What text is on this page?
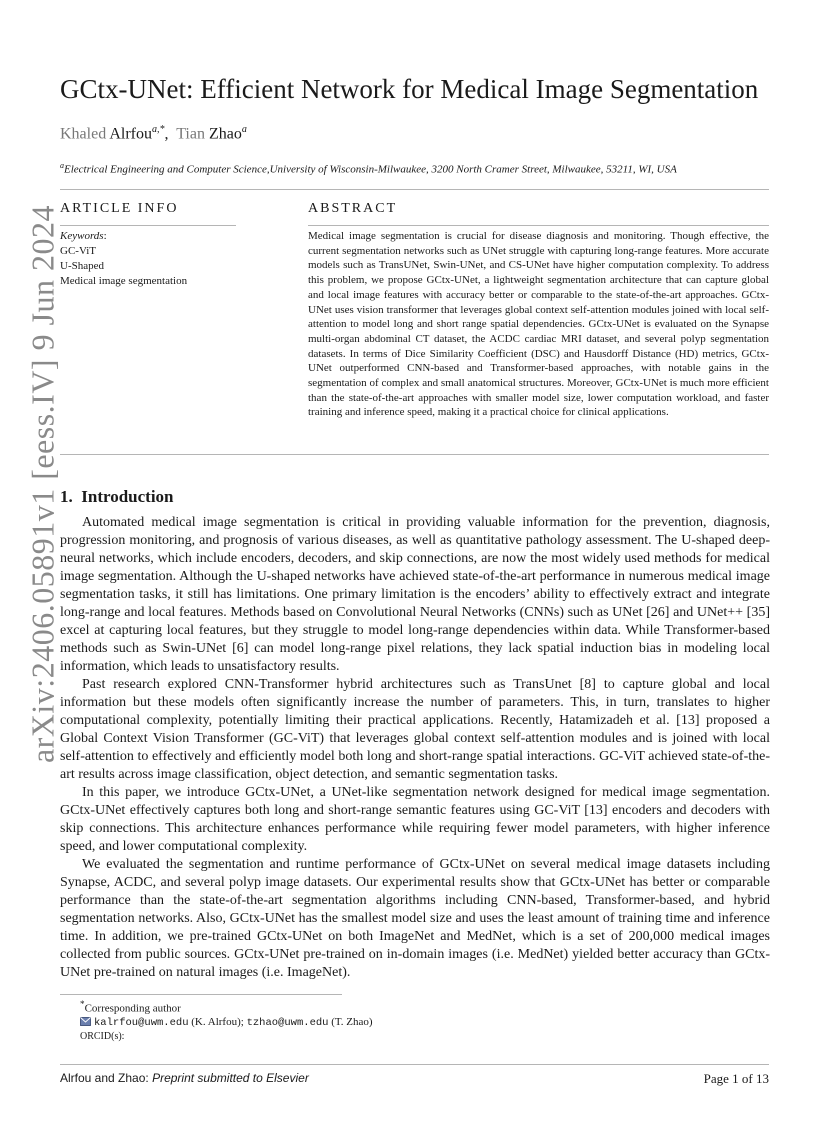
arXiv:2406.05891v1 [eess.IV] 9 Jun 2024
GCtx-UNet: Efficient Network for Medical Image Segmentation
Khaled Alrfou$^{a,*}$,  Tian Zhao$^a$
$^a$Electrical Engineering and Computer Science,University of Wisconsin-Milwaukee, 3200 North Cramer Street, Milwaukee, 53211, WI, USA
ARTICLE INFO
Keywords:
GC-ViT
U-Shaped
Medical image segmentation
ABSTRACT
Medical image segmentation is crucial for disease diagnosis and monitoring. Though effective, the current segmentation networks such as UNet struggle with capturing long-range features. More accurate models such as TransUNet, Swin-UNet, and CS-UNet have higher computation complexity. To address this problem, we propose GCtx-UNet, a lightweight segmentation architecture that can capture global and local image features with accuracy better or comparable to the state-of-the-art approaches. GCtx-UNet uses vision transformer that leverages global context self-attention modules joined with local self-attention to model long and short range spatial dependencies. GCtx-UNet is evaluated on the Synapse multi-organ abdominal CT dataset, the ACDC cardiac MRI dataset, and several polyp segmentation datasets. In terms of Dice Similarity Coefficient (DSC) and Hausdorff Distance (HD) metrics, GCtx-UNet outperformed CNN-based and Transformer-based approaches, with notable gains in the segmentation of complex and small anatomical structures. Moreover, GCtx-UNet is much more efficient than the state-of-the-art approaches with smaller model size, lower computation workload, and faster training and inference speed, making it a practical choice for clinical applications.
1. Introduction

Automated medical image segmentation is critical in providing valuable information for the prevention, diagnosis, progression monitoring, and prognosis of various diseases, as well as quantitative pathology assessment. The U-shaped deep-neural networks, which include encoders, decoders, and skip connections, are now the most widely used methods for medical image segmentation. Although the U-shaped networks have achieved state-of-the-art performance in numerous medical image segmentation tasks, it still has limitations. One primary limitation is the encoders’ ability to effectively extract and integrate long-range and local features. Methods based on Convolutional Neural Networks (CNNs) such as UNet [26] and UNet++ [35] excel at capturing local features, but they struggle to model long-range dependencies within data. While Transformer-based methods such as Swin-UNet [6] can model long-range pixel relations, they lack spatial induction bias in modeling local information, which leads to unsatisfactory results.

Past research explored CNN-Transformer hybrid architectures such as TransUnet [8] to capture global and local information but these models often significantly increase the number of parameters. This, in turn, translates to higher computational complexity, potentially limiting their practical applications. Recently, Hatamizadeh et al. [13] proposed a Global Context Vision Transformer (GC-ViT) that leverages global context self-attention modules and is joined with local self-attention to effectively and efficiently model both long and short-range spatial interactions. GC-ViT achieved state-of-the-art results across image classification, object detection, and semantic segmentation tasks.

In this paper, we introduce GCtx-UNet, a UNet-like segmentation network designed for medical image segmentation. GCtx-UNet effectively captures both long and short-range semantic features using GC-ViT [13] encoders and decoders with skip connections. This architecture enhances performance while requiring fewer model parameters, with higher inference speed, and lower computational complexity.

We evaluated the segmentation and runtime performance of GCtx-UNet on several medical image datasets including Synapse, ACDC, and several polyp image datasets. Our experimental results show that GCtx-UNet has better or comparable performance than the state-of-the-art segmentation algorithms including CNN-based, Transformer-based, and hybrid segmentation networks. Also, GCtx-UNet has the smallest model size and uses the least amount of training time and inference time. In addition, we pre-trained GCtx-UNet on both ImageNet and MedNet, which is a set of 200,000 medical images collected from public sources. GCtx-UNet pre-trained on in-domain images (i.e. MedNet) yielded better accuracy than GCtx-UNet pre-trained on natural images (i.e. ImageNet).

*Corresponding author
kalrfou@uwm.edu (K. Alrfou); tzhao@uwm.edu (T. Zhao)
ORCID(s):
Alrfou and Zhao: Preprint submitted to Elsevier	Page 1 of 13
